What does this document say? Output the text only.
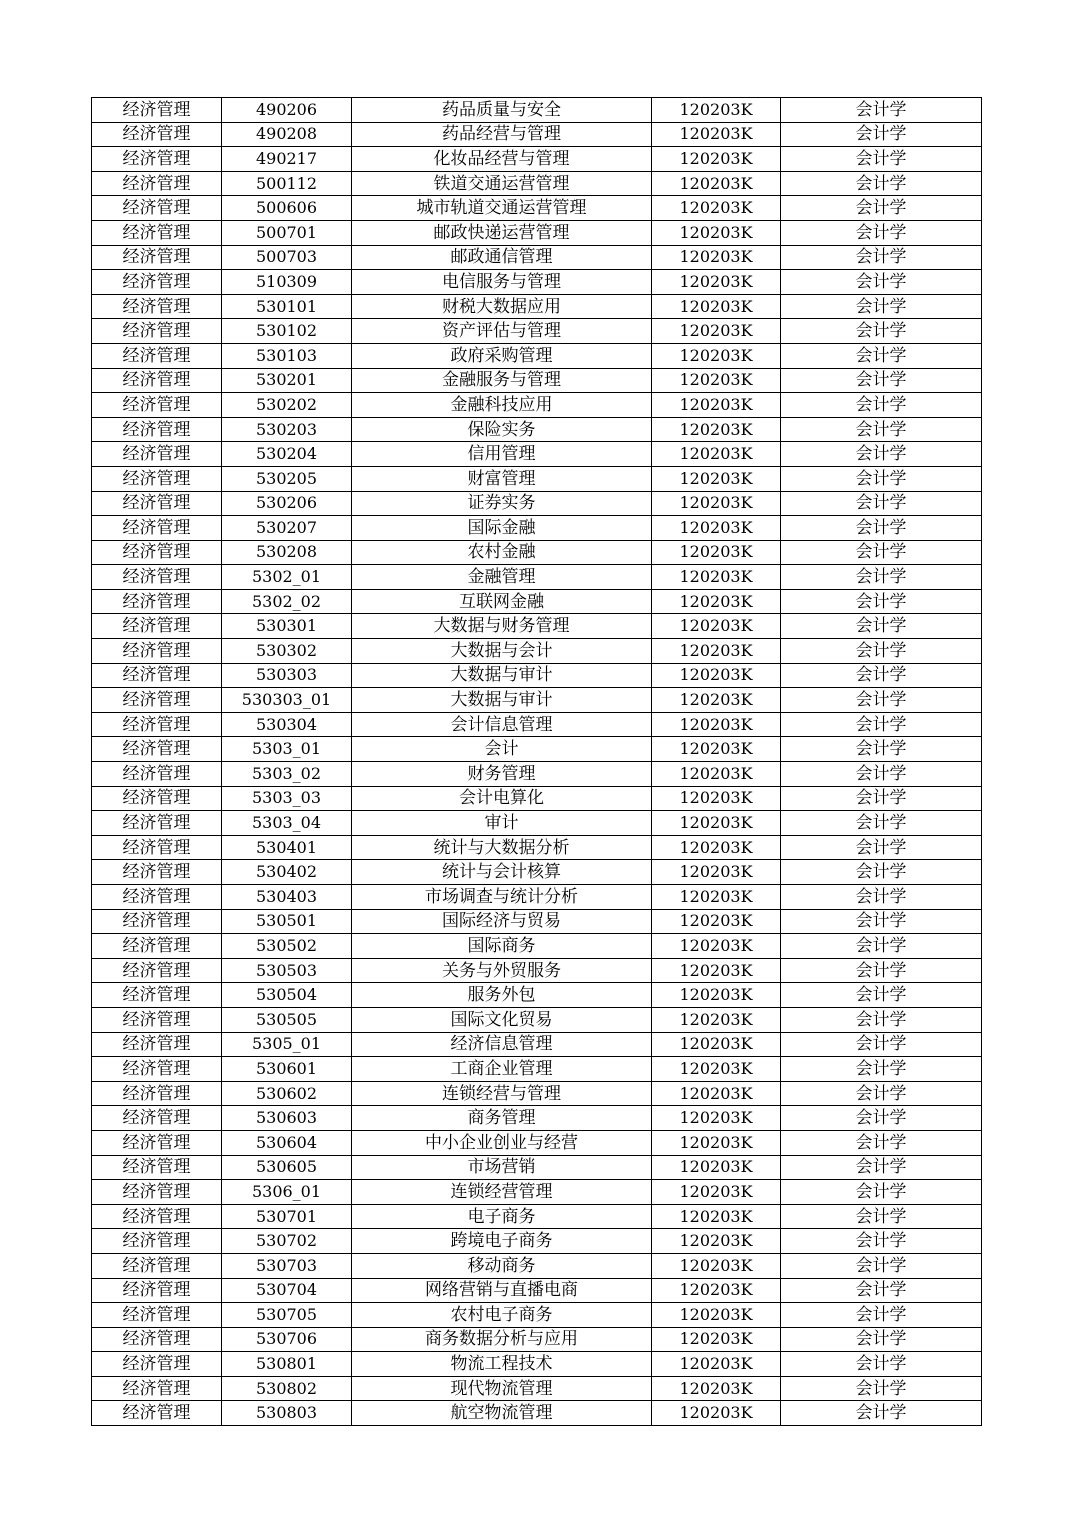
经济管理	490206	药品质量与安全	120203K	会计学
经济管理	490208	药品经营与管理	120203K	会计学
经济管理	490217	化妆品经营与管理	120203K	会计学
经济管理	500112	铁道交通运营管理	120203K	会计学
经济管理	500606	城市轨道交通运营管理	120203K	会计学
经济管理	500701	邮政快递运营管理	120203K	会计学
经济管理	500703	邮政通信管理	120203K	会计学
经济管理	510309	电信服务与管理	120203K	会计学
经济管理	530101	财税大数据应用	120203K	会计学
经济管理	530102	资产评估与管理	120203K	会计学
经济管理	530103	政府采购管理	120203K	会计学
经济管理	530201	金融服务与管理	120203K	会计学
经济管理	530202	金融科技应用	120203K	会计学
经济管理	530203	保险实务	120203K	会计学
经济管理	530204	信用管理	120203K	会计学
经济管理	530205	财富管理	120203K	会计学
经济管理	530206	证券实务	120203K	会计学
经济管理	530207	国际金融	120203K	会计学
经济管理	530208	农村金融	120203K	会计学
经济管理	5302_01	金融管理	120203K	会计学
经济管理	5302_02	互联网金融	120203K	会计学
经济管理	530301	大数据与财务管理	120203K	会计学
经济管理	530302	大数据与会计	120203K	会计学
经济管理	530303	大数据与审计	120203K	会计学
经济管理	530303_01	大数据与审计	120203K	会计学
经济管理	530304	会计信息管理	120203K	会计学
经济管理	5303_01	会计	120203K	会计学
经济管理	5303_02	财务管理	120203K	会计学
经济管理	5303_03	会计电算化	120203K	会计学
经济管理	5303_04	审计	120203K	会计学
经济管理	530401	统计与大数据分析	120203K	会计学
经济管理	530402	统计与会计核算	120203K	会计学
经济管理	530403	市场调查与统计分析	120203K	会计学
经济管理	530501	国际经济与贸易	120203K	会计学
经济管理	530502	国际商务	120203K	会计学
经济管理	530503	关务与外贸服务	120203K	会计学
经济管理	530504	服务外包	120203K	会计学
经济管理	530505	国际文化贸易	120203K	会计学
经济管理	5305_01	经济信息管理	120203K	会计学
经济管理	530601	工商企业管理	120203K	会计学
经济管理	530602	连锁经营与管理	120203K	会计学
经济管理	530603	商务管理	120203K	会计学
经济管理	530604	中小企业创业与经营	120203K	会计学
经济管理	530605	市场营销	120203K	会计学
经济管理	5306_01	连锁经营管理	120203K	会计学
经济管理	530701	电子商务	120203K	会计学
经济管理	530702	跨境电子商务	120203K	会计学
经济管理	530703	移动商务	120203K	会计学
经济管理	530704	网络营销与直播电商	120203K	会计学
经济管理	530705	农村电子商务	120203K	会计学
经济管理	530706	商务数据分析与应用	120203K	会计学
经济管理	530801	物流工程技术	120203K	会计学
经济管理	530802	现代物流管理	120203K	会计学
经济管理	530803	航空物流管理	120203K	会计学
